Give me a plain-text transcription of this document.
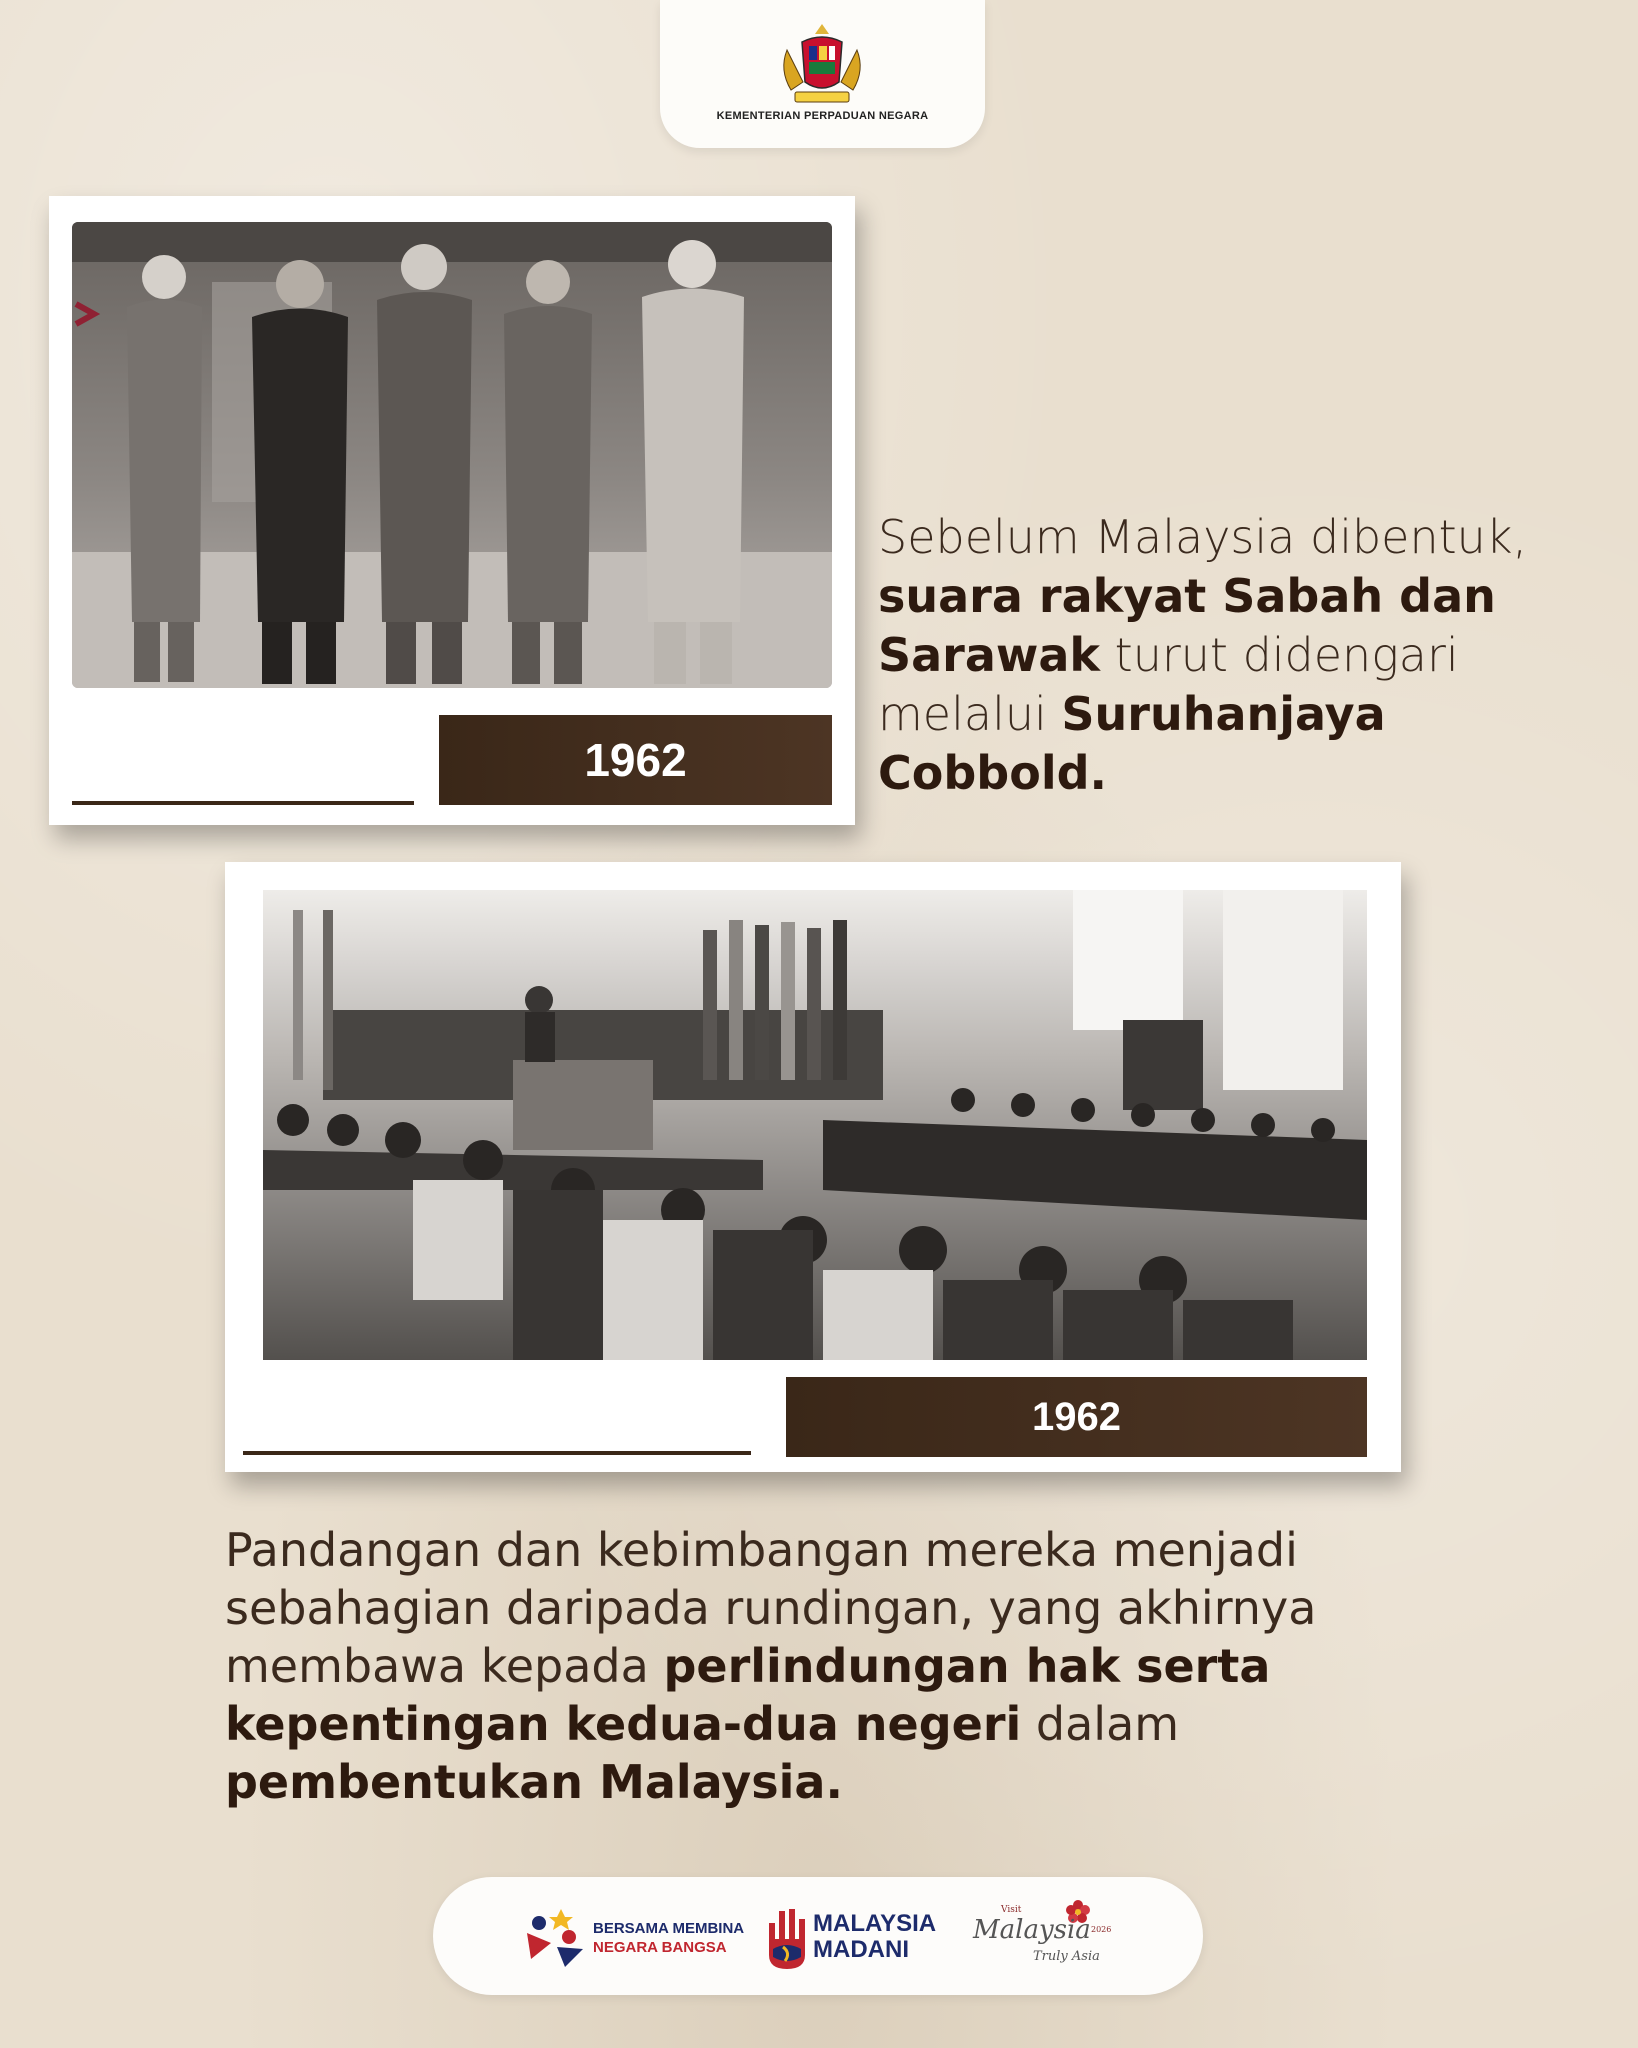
KEMENTERIAN PERPADUAN NEGARA
1962
Sebelum Malaysia dibentuk,
suara rakyat Sabah dan Sarawak turut didengari melalui Suruhanjaya Cobbold.
1962
Pandangan dan kebimbangan mereka menjadi sebahagian daripada rundingan, yang akhirnya membawa kepada perlindungan hak serta kepentingan kedua-dua negeri dalam pembentukan Malaysia.
BERSAMA MEMBINA
NEGARA BANGSA
MALAYSIA
MADANI
Visit
Malaysia 2026
Truly Asia
